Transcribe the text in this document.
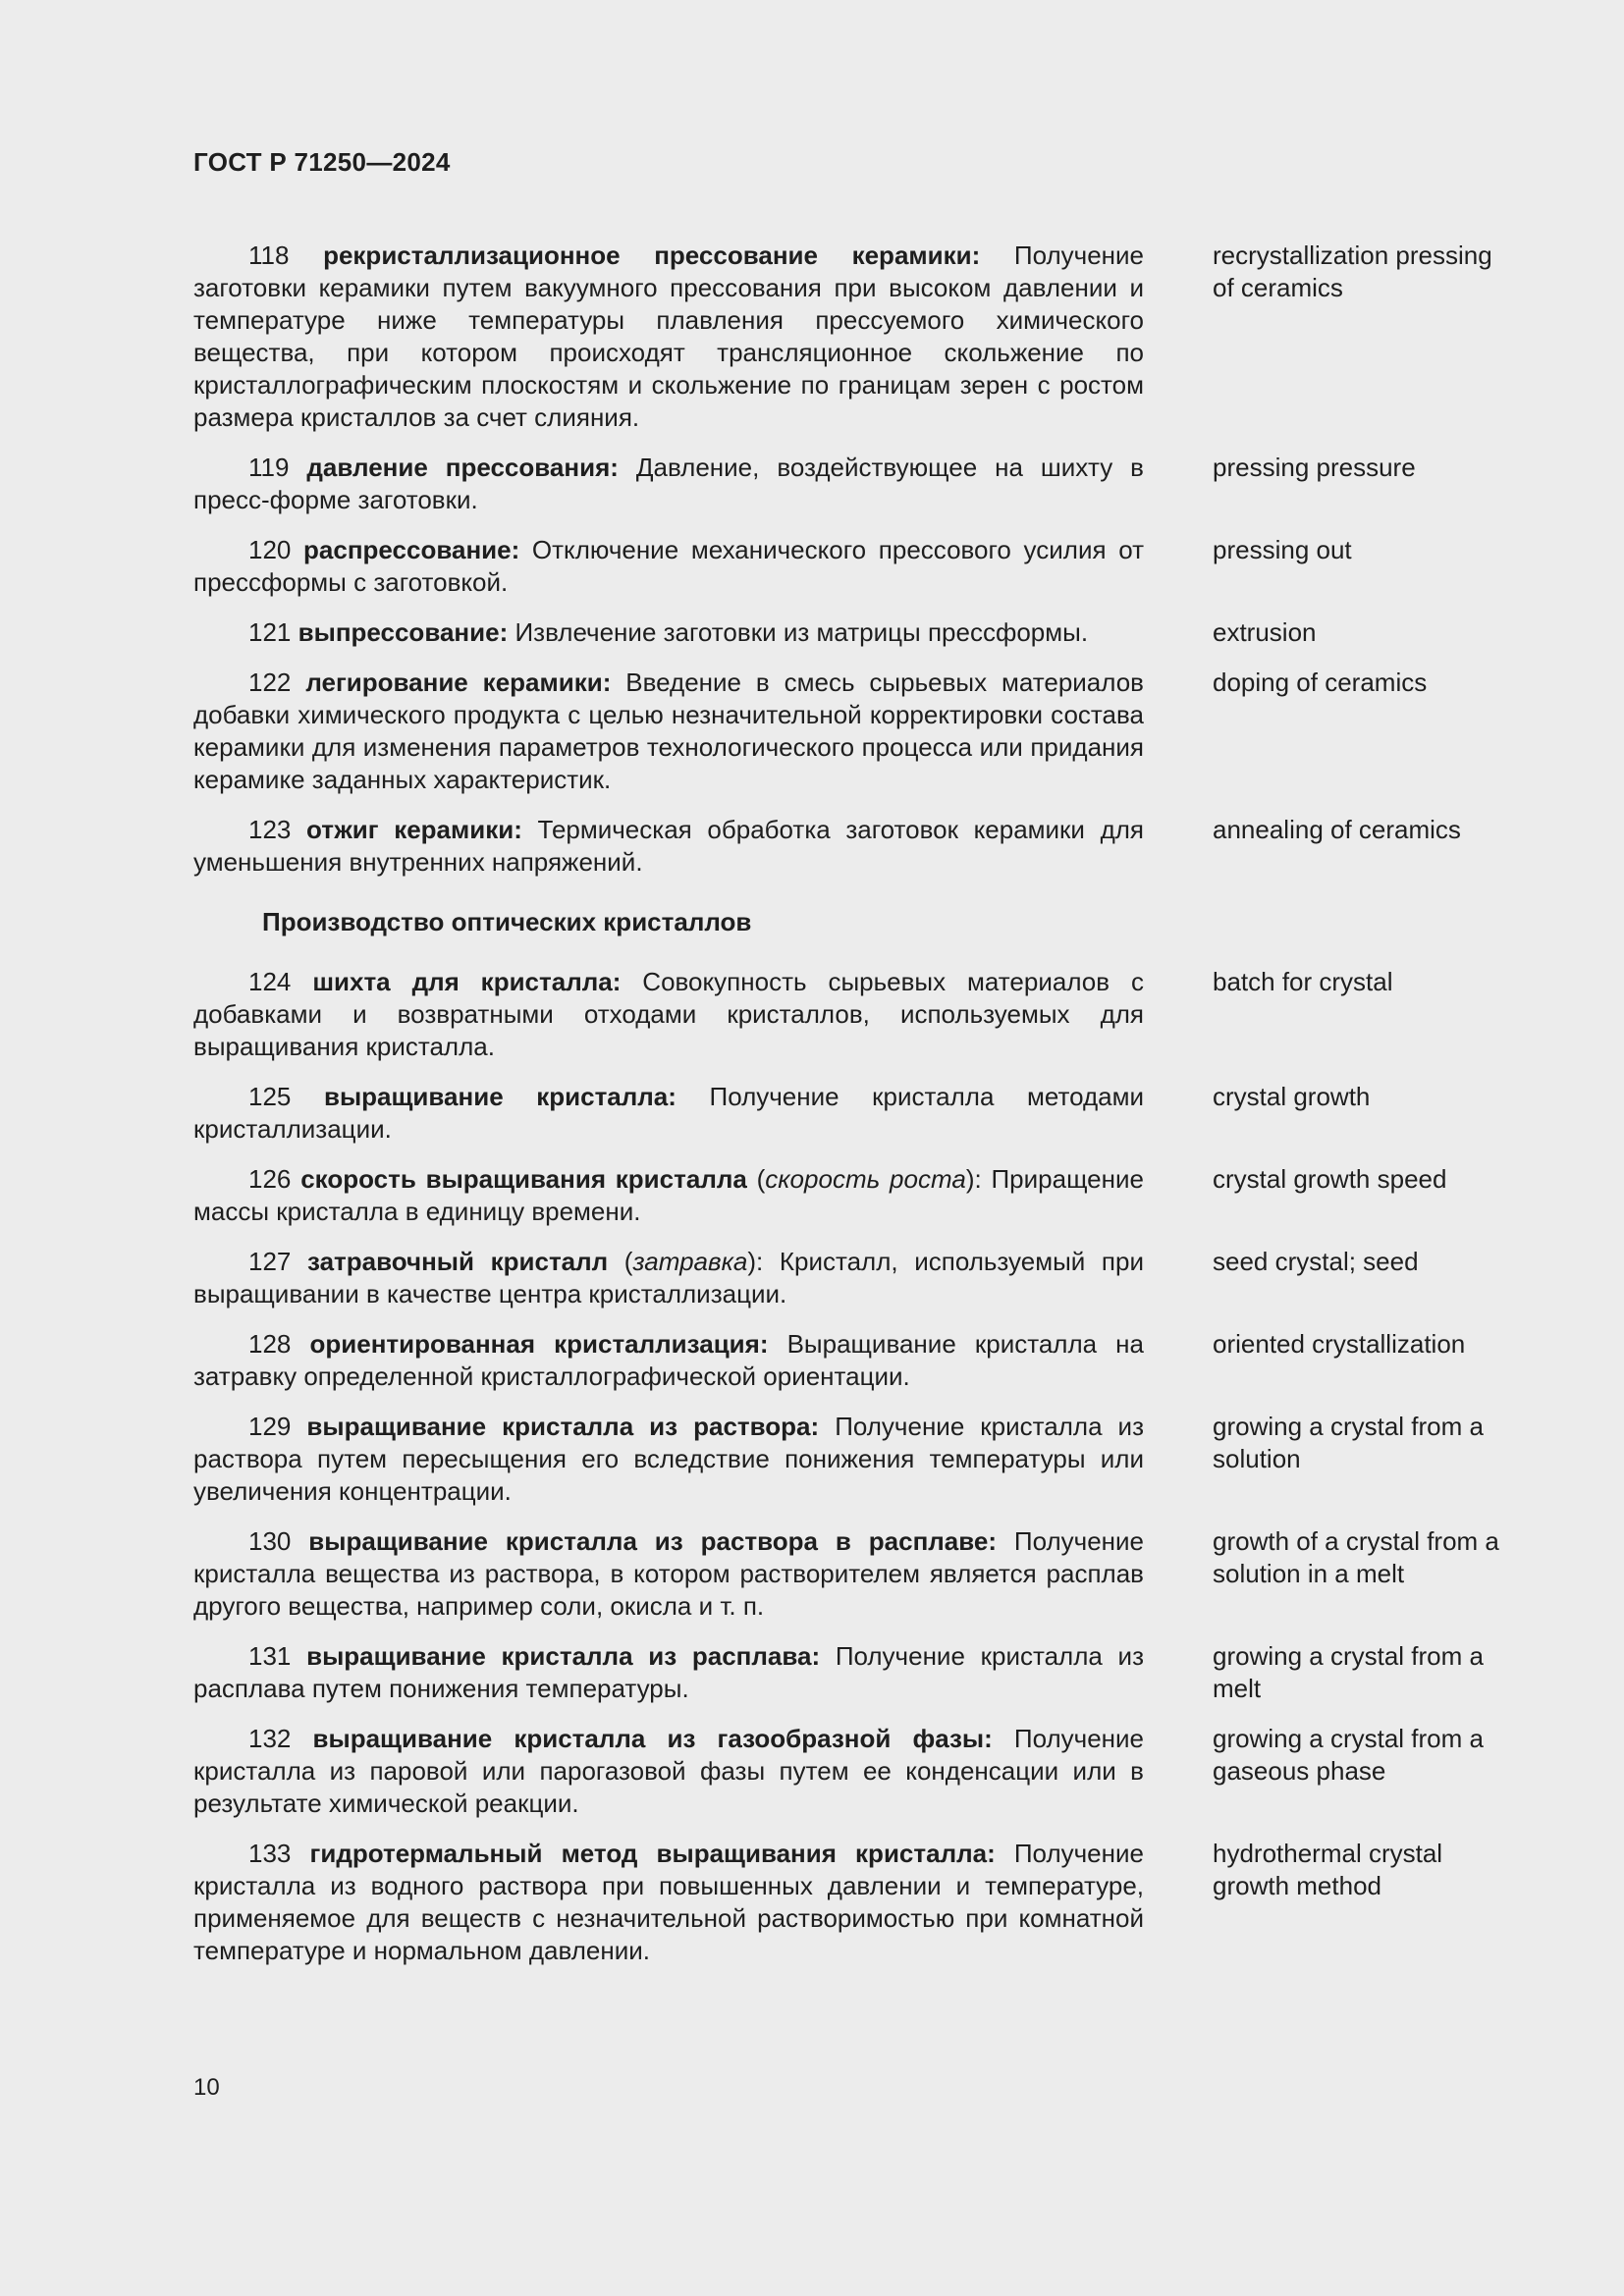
ГОСТ Р 71250—2024
118 рекристаллизационное прессование керамики: Получение заготовки керамики путем вакуумного прессования при высоком давлении и температуре ниже температуры плавления прессуемого химического вещества, при котором происходят трансляционное скольжение по кристаллографическим плоскостям и скольжение по границам зерен с ростом размера кристаллов за счет слияния.
recrystallization pressing of ceramics
119 давление прессования: Давление, воздействующее на шихту в пресс-форме заготовки.
pressing pressure
120 распрессование: Отключение механического прессового усилия от прессформы с заготовкой.
pressing out
121 выпрессование: Извлечение заготовки из матрицы прессформы.	extrusion
122 легирование керамики: Введение в смесь сырьевых материалов добавки химического продукта с целью незначительной корректировки состава керамики для изменения параметров технологического процесса или придания керамике заданных характеристик.
doping of ceramics
123 отжиг керамики: Термическая обработка заготовок керамики для уменьшения внутренних напряжений.
annealing of ceramics
Производство оптических кристаллов
124 шихта для кристалла: Совокупность сырьевых материалов с добавками и возвратными отходами кристаллов, используемых для выращивания кристалла.
batch for crystal
125 выращивание кристалла: Получение кристалла методами кристаллизации.
crystal growth
126 скорость выращивания кристалла (скорость роста): Приращение массы кристалла в единицу времени.
crystal growth speed
127 затравочный кристалл (затравка): Кристалл, используемый при выращивании в качестве центра кристаллизации.
seed crystal; seed
128 ориентированная кристаллизация: Выращивание кристалла на затравку определенной кристаллографической ориентации.
oriented crystallization
129 выращивание кристалла из раствора: Получение кристалла из раствора путем пересыщения его вследствие понижения температуры или увеличения концентрации.
growing a crystal from a solution
130 выращивание кристалла из раствора в расплаве: Получение кристалла вещества из раствора, в котором растворителем является расплав другого вещества, например соли, окисла и т. п.
growth of a crystal from a solution in a melt
131 выращивание кристалла из расплава: Получение кристалла из расплава путем понижения температуры.
growing a crystal from a melt
132 выращивание кристалла из газообразной фазы: Получение кристалла из паровой или парогазовой фазы путем ее конденсации или в результате химической реакции.
growing a crystal from a gaseous phase
133 гидротермальный метод выращивания кристалла: Получение кристалла из водного раствора при повышенных давлении и температуре, применяемое для веществ с незначительной растворимостью при комнатной температуре и нормальном давлении.
hydrothermal crystal growth method
10
